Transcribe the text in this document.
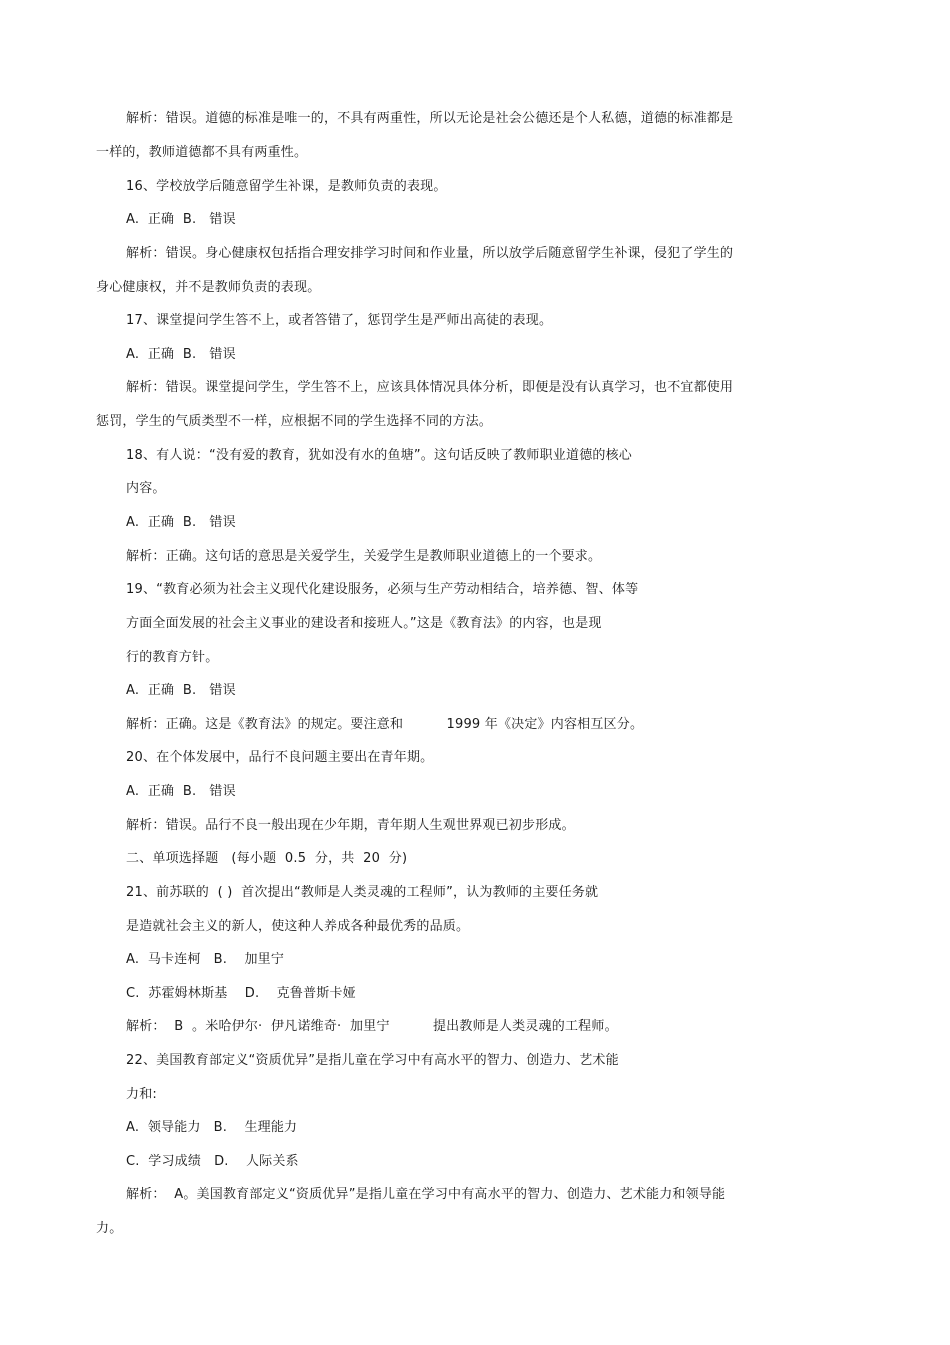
解析：错误。道德的标准是唯一的，不具有两重性，所以无论是社会公德还是个人私德，道德的标准都是
一样的，教师道德都不具有两重性。
16、学校放学后随意留学生补课，是教师负责的表现。
A.  正确  B.   错误
解析：错误。身心健康权包括指合理安排学习时间和作业量，所以放学后随意留学生补课，侵犯了学生的
身心健康权，并不是教师负责的表现。
17、课堂提问学生答不上，或者答错了，惩罚学生是严师出高徒的表现。
A.  正确  B.   错误
解析：错误。课堂提问学生，学生答不上，应该具体情况具体分析，即便是没有认真学习，也不宜都使用
惩罚，学生的气质类型不一样，应根据不同的学生选择不同的方法。
18、有人说：“没有爱的教育，犹如没有水的鱼塘”。这句话反映了教师职业道德的核心
内容。
A.  正确  B.   错误
解析：正确。这句话的意思是关爱学生，关爱学生是教师职业道德上的一个要求。
19、“教育必须为社会主义现代化建设服务，必须与生产劳动相结合，培养德、智、体等
方面全面发展的社会主义事业的建设者和接班人。”这是《教育法》的内容，也是现
行的教育方针。
A.  正确  B.   错误
解析：正确。这是《教育法》的规定。要注意和          1999 年《决定》内容相互区分。
20、在个体发展中，品行不良问题主要出在青年期。
A.  正确  B.   错误
解析：错误。品行不良一般出现在少年期，青年期人生观世界观已初步形成。
二、单项选择题   (每小题  0.5  分，共  20  分)
21、前苏联的  ( )  首次提出“教师是人类灵魂的工程师”，认为教师的主要任务就
是造就社会主义的新人，使这种人养成各种最优秀的品质。
A.  马卡连柯   B.    加里宁
C.  苏霍姆林斯基    D.    克鲁普斯卡娅
解析：  B  。米哈伊尔·  伊凡诺维奇·  加里宁          提出教师是人类灵魂的工程师。
22、美国教育部定义“资质优异”是指儿童在学习中有高水平的智力、创造力、艺术能
力和:
A.  领导能力   B.    生理能力
C.  学习成绩   D.    人际关系
解析：  A。美国教育部定义“资质优异”是指儿童在学习中有高水平的智力、创造力、艺术能力和领导能
力。
